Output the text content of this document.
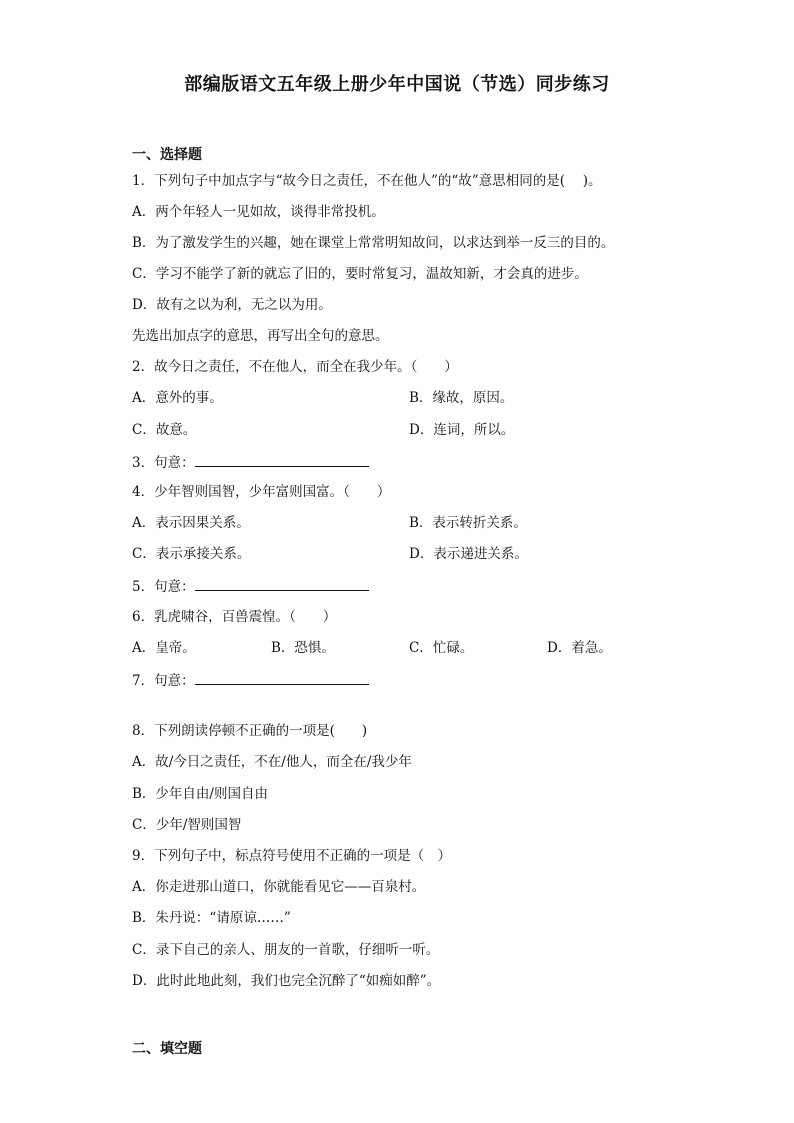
部编版语文五年级上册少年中国说（节选）同步练习
一、选择题
1．下列句子中加点字与“故今日之责任，不在他人”的“故”意思相同的是(　 )。
A．两个年轻人一见如故，谈得非常投机。
B．为了激发学生的兴趣，她在课堂上常常明知故问，以求达到举一反三的目的。
C．学习不能学了新的就忘了旧的，要时常复习，温故知新，才会真的进步。
D．故有之以为利，无之以为用。
先选出加点字的意思，再写出全句的意思。
2．故今日之责任，不在他人，而全在我少年。（　　）
A．意外的事。	B．缘故，原因。
C．故意。	D．连词，所以。
3．句意：
4．少年智则国智，少年富则国富。（　　）
A．表示因果关系。	B．表示转折关系。
C．表示承接关系。	D．表示递进关系。
5．句意：
6．乳虎啸谷，百兽震惶。（　　）
A．皇帝。	B．恐惧。	C．忙碌。	D．着急。
7．句意：
8．下列朗读停顿不正确的一项是(　　)
A．故/今日之责任，不在/他人，而全在/我少年
B．少年自由/则国自由
C．少年/智则国智
9．下列句子中，标点符号使用不正确的一项是（　）
A．你走进那山道口，你就能看见它——百泉村。
B．朱丹说：“请原谅……”
C．录下自己的亲人、朋友的一首歌，仔细听一听。
D．此时此地此刻，我们也完全沉醉了“如痴如醉”。
二、填空题
